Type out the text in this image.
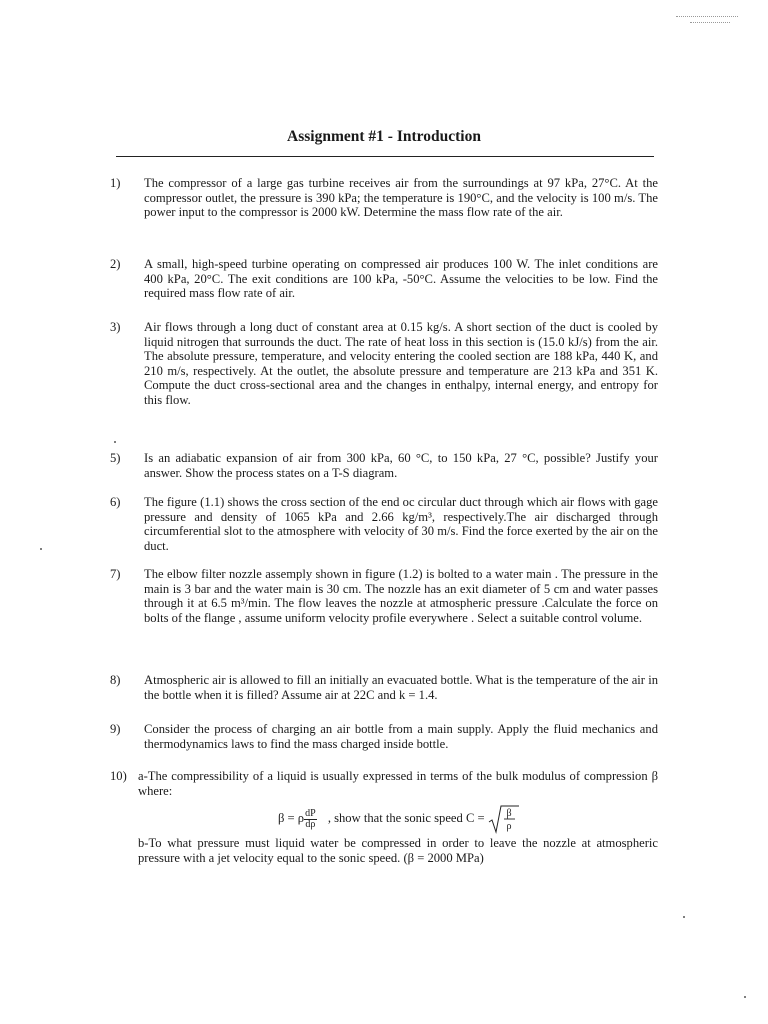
Assignment #1 - Introduction
1) The compressor of a large gas turbine receives air from the surroundings at 97 kPa, 27°C. At the compressor outlet, the pressure is 390 kPa; the temperature is 190°C, and the velocity is 100 m/s. The power input to the compressor is 2000 kW. Determine the mass flow rate of the air.

2) A small, high-speed turbine operating on compressed air produces 100 W. The inlet conditions are 400 kPa, 20°C. The exit conditions are 100 kPa, -50°C. Assume the velocities to be low. Find the required mass flow rate of air.

3) Air flows through a long duct of constant area at 0.15 kg/s. A short section of the duct is cooled by liquid nitrogen that surrounds the duct. The rate of heat loss in this section is (15.0 kJ/s) from the air. The absolute pressure, temperature, and velocity entering the cooled section are 188 kPa, 440 K, and 210 m/s, respectively. At the outlet, the absolute pressure and temperature are 213 kPa and 351 K. Compute the duct cross-sectional area and the changes in enthalpy, internal energy, and entropy for this flow.

5) Is an adiabatic expansion of air from 300 kPa, 60 °C, to 150 kPa, 27 °C, possible? Justify your answer. Show the process states on a T-S diagram.

6) The figure (1.1) shows the cross section of the end oc circular duct through which air flows with gage pressure and density of 1065 kPa and 2.66 kg/m³, respectively.The air discharged through circumferential slot to the atmosphere with velocity of 30 m/s. Find the force exerted by the air on the duct.

7) The elbow filter nozzle assemply shown in figure (1.2) is bolted to a water main . The pressure in the main is 3 bar and the water main is 30 cm. The nozzle has an exit diameter of 5 cm and water passes through it at 6.5 m³/min. The flow leaves the nozzle at atmospheric pressure .Calculate the force on bolts of the flange , assume uniform velocity profile everywhere . Select a suitable control volume.

8) Atmospheric air is allowed to fill an initially an evacuated bottle. What is the temperature of the air in the bottle when it is filled? Assume air at 22C and k = 1.4.

9) Consider the process of charging an air bottle from a main supply. Apply the fluid mechanics and thermodynamics laws to find the mass charged inside bottle.

10) a-The compressibility of a liquid is usually expressed in terms of the bulk modulus of compression β where:

β = ρ $\frac{dP}{d\rho}$ , show that the sonic speed C = β
ρ

b-To what pressure must liquid water be compressed in order to leave the nozzle at atmospheric pressure with a jet velocity equal to the sonic speed. (β = 2000 MPa)
